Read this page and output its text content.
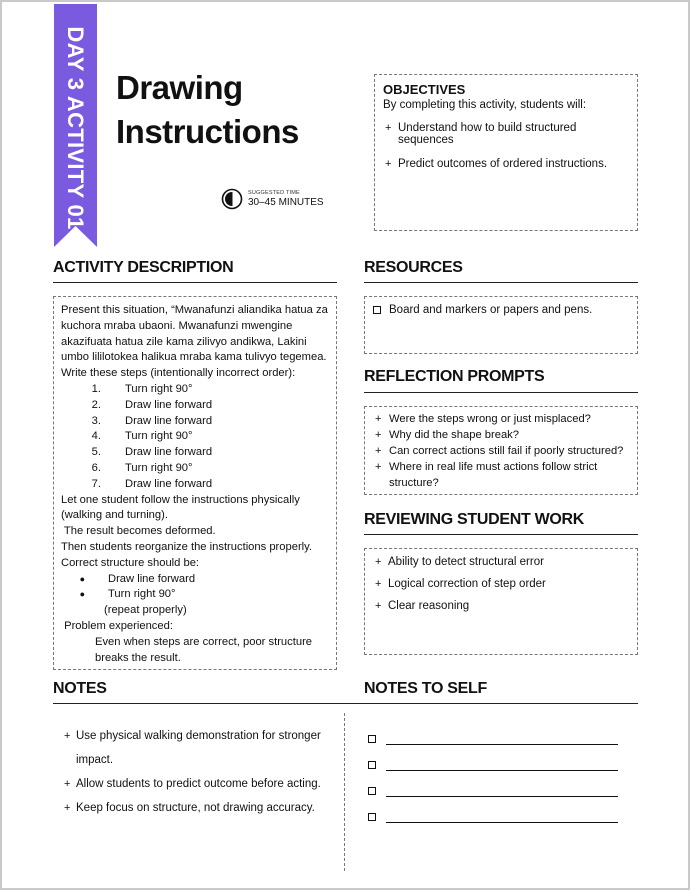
DAY 3 ACTIVITY 01 Drawing
Instructions
SUGGESTED TIME
30–45 MINUTES
OBJECTIVES
By completing this activity, students will:
+ Understand how to build structured sequences
+ Predict outcomes of ordered instructions.
ACTIVITY DESCRIPTION

Present this situation, “Mwanafunzi aliandika hatua za kuchora mraba ubaoni. Mwanafunzi mwengine akazifuata hatua zile kama zilivyo andikwa, Lakini umbo lililotokea halikua mraba kama tulivyo tegemea.

Write these steps (intentionally incorrect order):

1.	Turn right 90°
2.	Draw line forward
3.	Draw line forward
4.	Turn right 90°
5.	Draw line forward
6.	Turn right 90°
7.	Draw line forward

Let one student follow the instructions physically (walking and turning).

The result becomes deformed.

Then students reorganize the instructions properly.

Correct structure should be:

●	Draw line forward
●	Turn right 90°

(repeat properly)

Problem experienced:

Even when steps are correct, poor structure breaks the result.

RESOURCES
Board and markers or papers and pens.
REFLECTION PROMPTS
+ Were the steps wrong or just misplaced?
+ Why did the shape break?
+ Can correct actions still fail if poorly structured?
+ Where in real life must actions follow strict structure?
REVIEWING STUDENT WORK
+ Ability to detect structural error
+ Logical correction of step order
+ Clear reasoning
NOTES
+ Use physical walking demonstration for stronger impact.
+ Allow students to predict outcome before acting.
+ Keep focus on structure, not drawing accuracy.
NOTES TO SELF
